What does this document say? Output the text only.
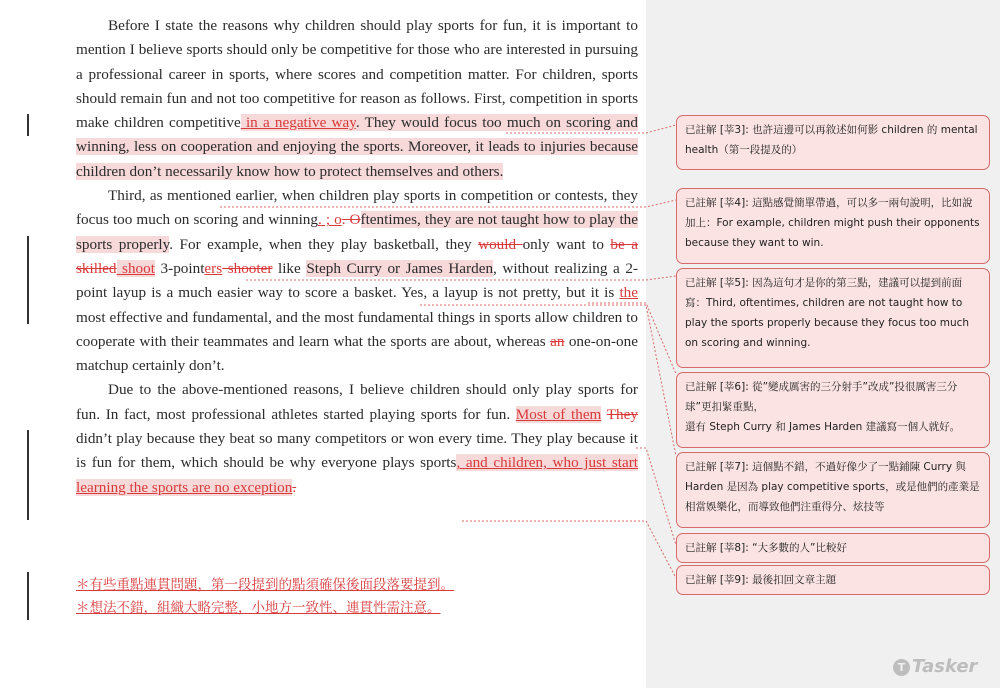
Before I state the reasons why children should play sports for fun, it is important to mention I believe sports should only be competitive for those who are interested in pursuing a professional career in sports, where scores and competition matter. For children, sports should remain fun and not too competitive for reason as follows. First, competition in sports make children competitive in a negative way. They would focus too much on scoring and winning, less on cooperation and enjoying the sports. Moreover, it leads to injuries because children don’t necessarily know how to protect themselves and others.

Third, as mentioned earlier, when children play sports in competition or contests, they focus too much on scoring and winning. ; o. Oftentimes, they are not taught how to play the sports properly. For example, when they play basketball, they would only want to be a skilled shoot 3-pointers shooter like Steph Curry or James Harden, without realizing a 2-point layup is a much easier way to score a basket. Yes, a layup is not pretty, but it is the most effective and fundamental, and the most fundamental things in sports allow children to cooperate with their teammates and learn what the sports are about, whereas an one-on-one matchup certainly don’t.

Due to the above-mentioned reasons, I believe children should only play sports for fun. In fact, most professional athletes started playing sports for fun. Most of them They didn’t play because they beat so many competitors or won every time. They play because it is fun for them, which should be why everyone plays sports, and children, who just start learning the sports are no exception.

＊有些重點連貫問題，第一段提到的點須確保後面段落要提到。
＊想法不錯，組織大略完整，小地方一致性、連貫性需注意。
已註解 [莘3]: 也許這邊可以再敘述如何影 children 的 mental health（第一段提及的）
已註解 [莘4]: 這點感覺簡單帶過，可以多一兩句說明，比如說加上：For example, children might push their opponents because they want to win.
已註解 [莘5]: 因為這句才是你的第三點，建議可以提到前面寫：Third, oftentimes, children are not taught how to play the sports properly because they focus too much on scoring and winning.
已註解 [莘6]: 從”變成厲害的三分射手”改成”投很厲害三分球”更扣緊重點，
還有 Steph Curry 和 James Harden 建議寫一個人就好。
已註解 [莘7]: 這個點不錯，不過好像少了一點鋪陳 Curry 與 Harden 是因為 play competitive sports，或是他們的產業是相當娛樂化，而導致他們注重得分、炫技等
已註解 [莘8]: “大多數的人”比較好
已註解 [莘9]: 最後扣回文章主題
T Tasker
